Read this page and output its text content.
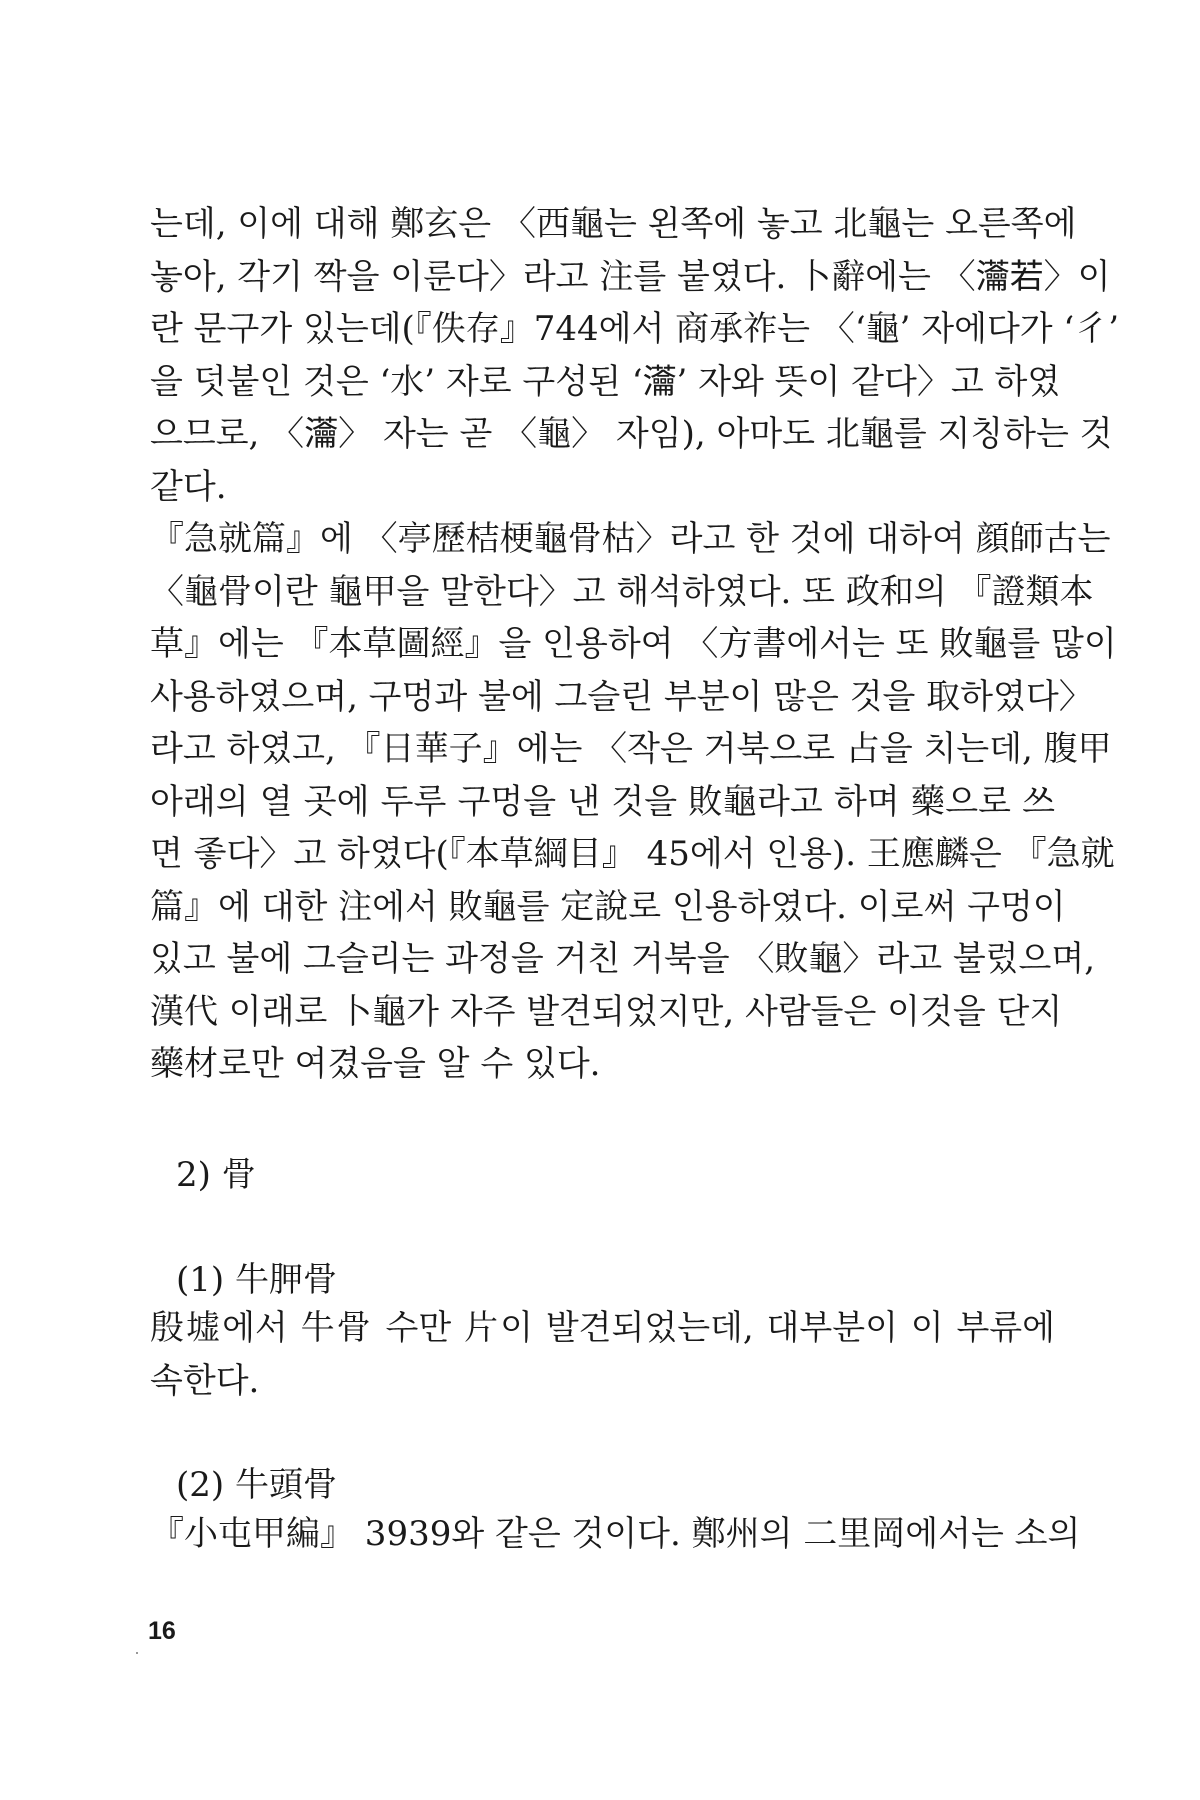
는데, 이에 대해 鄭玄은 〈西龜는 왼쪽에 놓고 北龜는 오른쪽에
놓아, 각기 짝을 이룬다〉라고 注를 붙였다. 卜辭에는 〈𤅢若〉이
란 문구가 있는데(『佚存』744에서 商承祚는 〈‘龜’ 자에다가 ‘彳’
을 덧붙인 것은 ‘水’ 자로 구성된 ‘𤅢’ 자와 뜻이 같다〉고 하였
으므로, 〈𤅢〉 자는 곧 〈龜〉 자임), 아마도 北龜를 지칭하는 것
같다.
『急就篇』에 〈亭歷桔梗龜骨枯〉라고 한 것에 대하여 顔師古는
〈龜骨이란 龜甲을 말한다〉고 해석하였다. 또 政和의 『證類本
草』에는 『本草圖經』을 인용하여 〈方書에서는 또 敗龜를 많이
사용하였으며, 구멍과 불에 그슬린 부분이 많은 것을 取하였다〉
라고 하였고, 『日華子』에는 〈작은 거북으로 占을 치는데, 腹甲
아래의 열 곳에 두루 구멍을 낸 것을 敗龜라고 하며 藥으로 쓰
면 좋다〉고 하였다(『本草綱目』 45에서 인용). 王應麟은 『急就
篇』에 대한 注에서 敗龜를 定說로 인용하였다. 이로써 구멍이
있고 불에 그슬리는 과정을 거친 거북을 〈敗龜〉라고 불렀으며,
漢代 이래로 卜龜가 자주 발견되었지만, 사람들은 이것을 단지
藥材로만 여겼음을 알 수 있다.
2) 骨
(1) 牛胛骨
殷墟에서 牛骨 수만 片이 발견되었는데, 대부분이 이 부류에
속한다.
(2) 牛頭骨
『小屯甲編』 3939와 같은 것이다. 鄭州의 二里岡에서는 소의
16
